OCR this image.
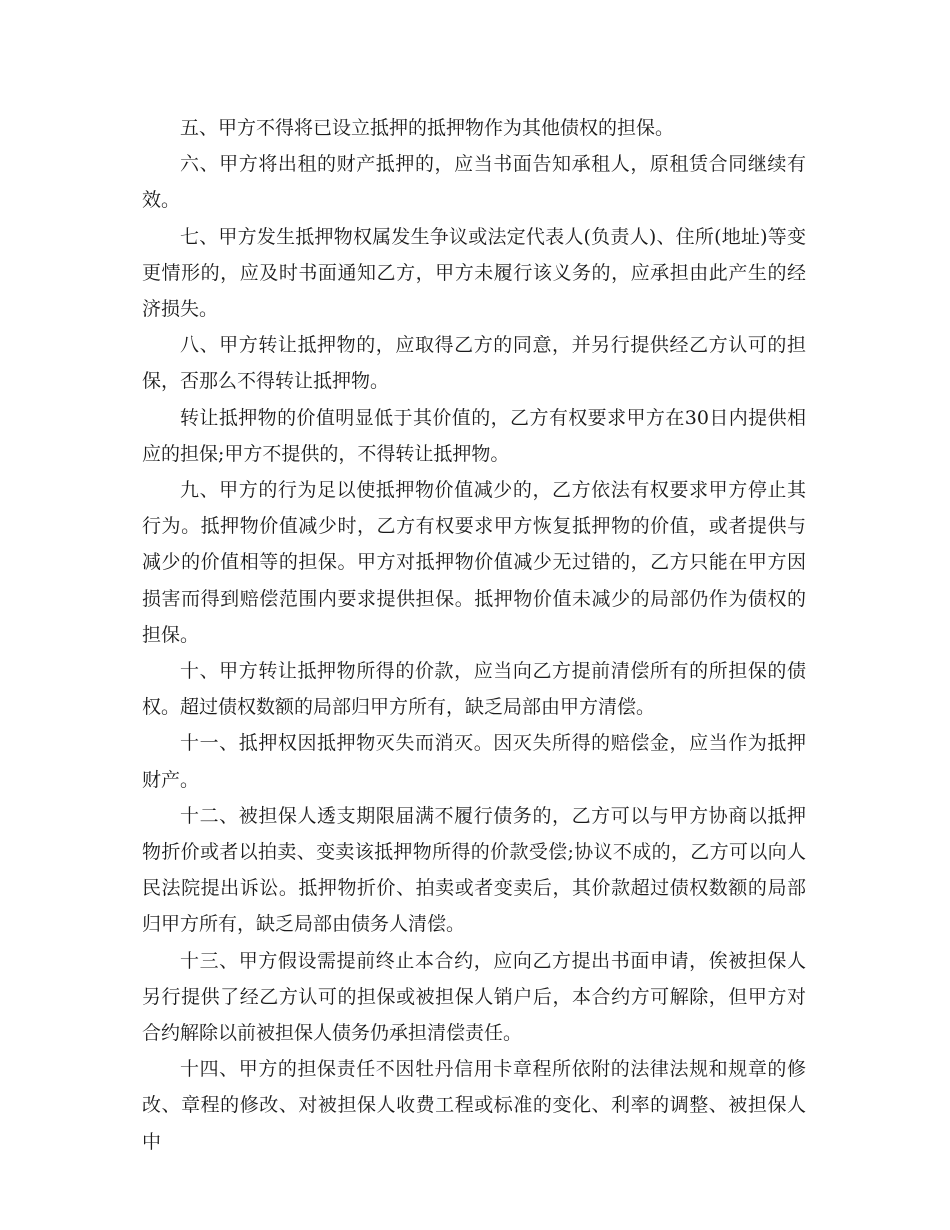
五、甲方不得将已设立抵押的抵押物作为其他债权的担保。

六、甲方将出租的财产抵押的，应当书面告知承租人，原租赁合同继续有效。

七、甲方发生抵押物权属发生争议或法定代表人(负责人)、住所(地址)等变更情形的，应及时书面通知乙方，甲方未履行该义务的，应承担由此产生的经济损失。

八、甲方转让抵押物的，应取得乙方的同意，并另行提供经乙方认可的担保，否那么不得转让抵押物。

转让抵押物的价值明显低于其价值的，乙方有权要求甲方在30日内提供相应的担保;甲方不提供的，不得转让抵押物。

九、甲方的行为足以使抵押物价值减少的，乙方依法有权要求甲方停止其行为。抵押物价值减少时，乙方有权要求甲方恢复抵押物的价值，或者提供与减少的价值相等的担保。甲方对抵押物价值减少无过错的，乙方只能在甲方因损害而得到赔偿范围内要求提供担保。抵押物价值未减少的局部仍作为债权的担保。

十、甲方转让抵押物所得的价款，应当向乙方提前清偿所有的所担保的债权。超过债权数额的局部归甲方所有，缺乏局部由甲方清偿。

十一、抵押权因抵押物灭失而消灭。因灭失所得的赔偿金，应当作为抵押财产。

十二、被担保人透支期限届满不履行债务的，乙方可以与甲方协商以抵押物折价或者以拍卖、变卖该抵押物所得的价款受偿;协议不成的，乙方可以向人民法院提出诉讼。抵押物折价、拍卖或者变卖后，其价款超过债权数额的局部归甲方所有，缺乏局部由债务人清偿。

十三、甲方假设需提前终止本合约，应向乙方提出书面申请，俟被担保人另行提供了经乙方认可的担保或被担保人销户后，本合约方可解除，但甲方对合约解除以前被担保人债务仍承担清偿责任。

十四、甲方的担保责任不因牡丹信用卡章程所依附的法律法规和规章的修改、章程的修改、对被担保人收费工程或标准的变化、利率的调整、被担保人中
